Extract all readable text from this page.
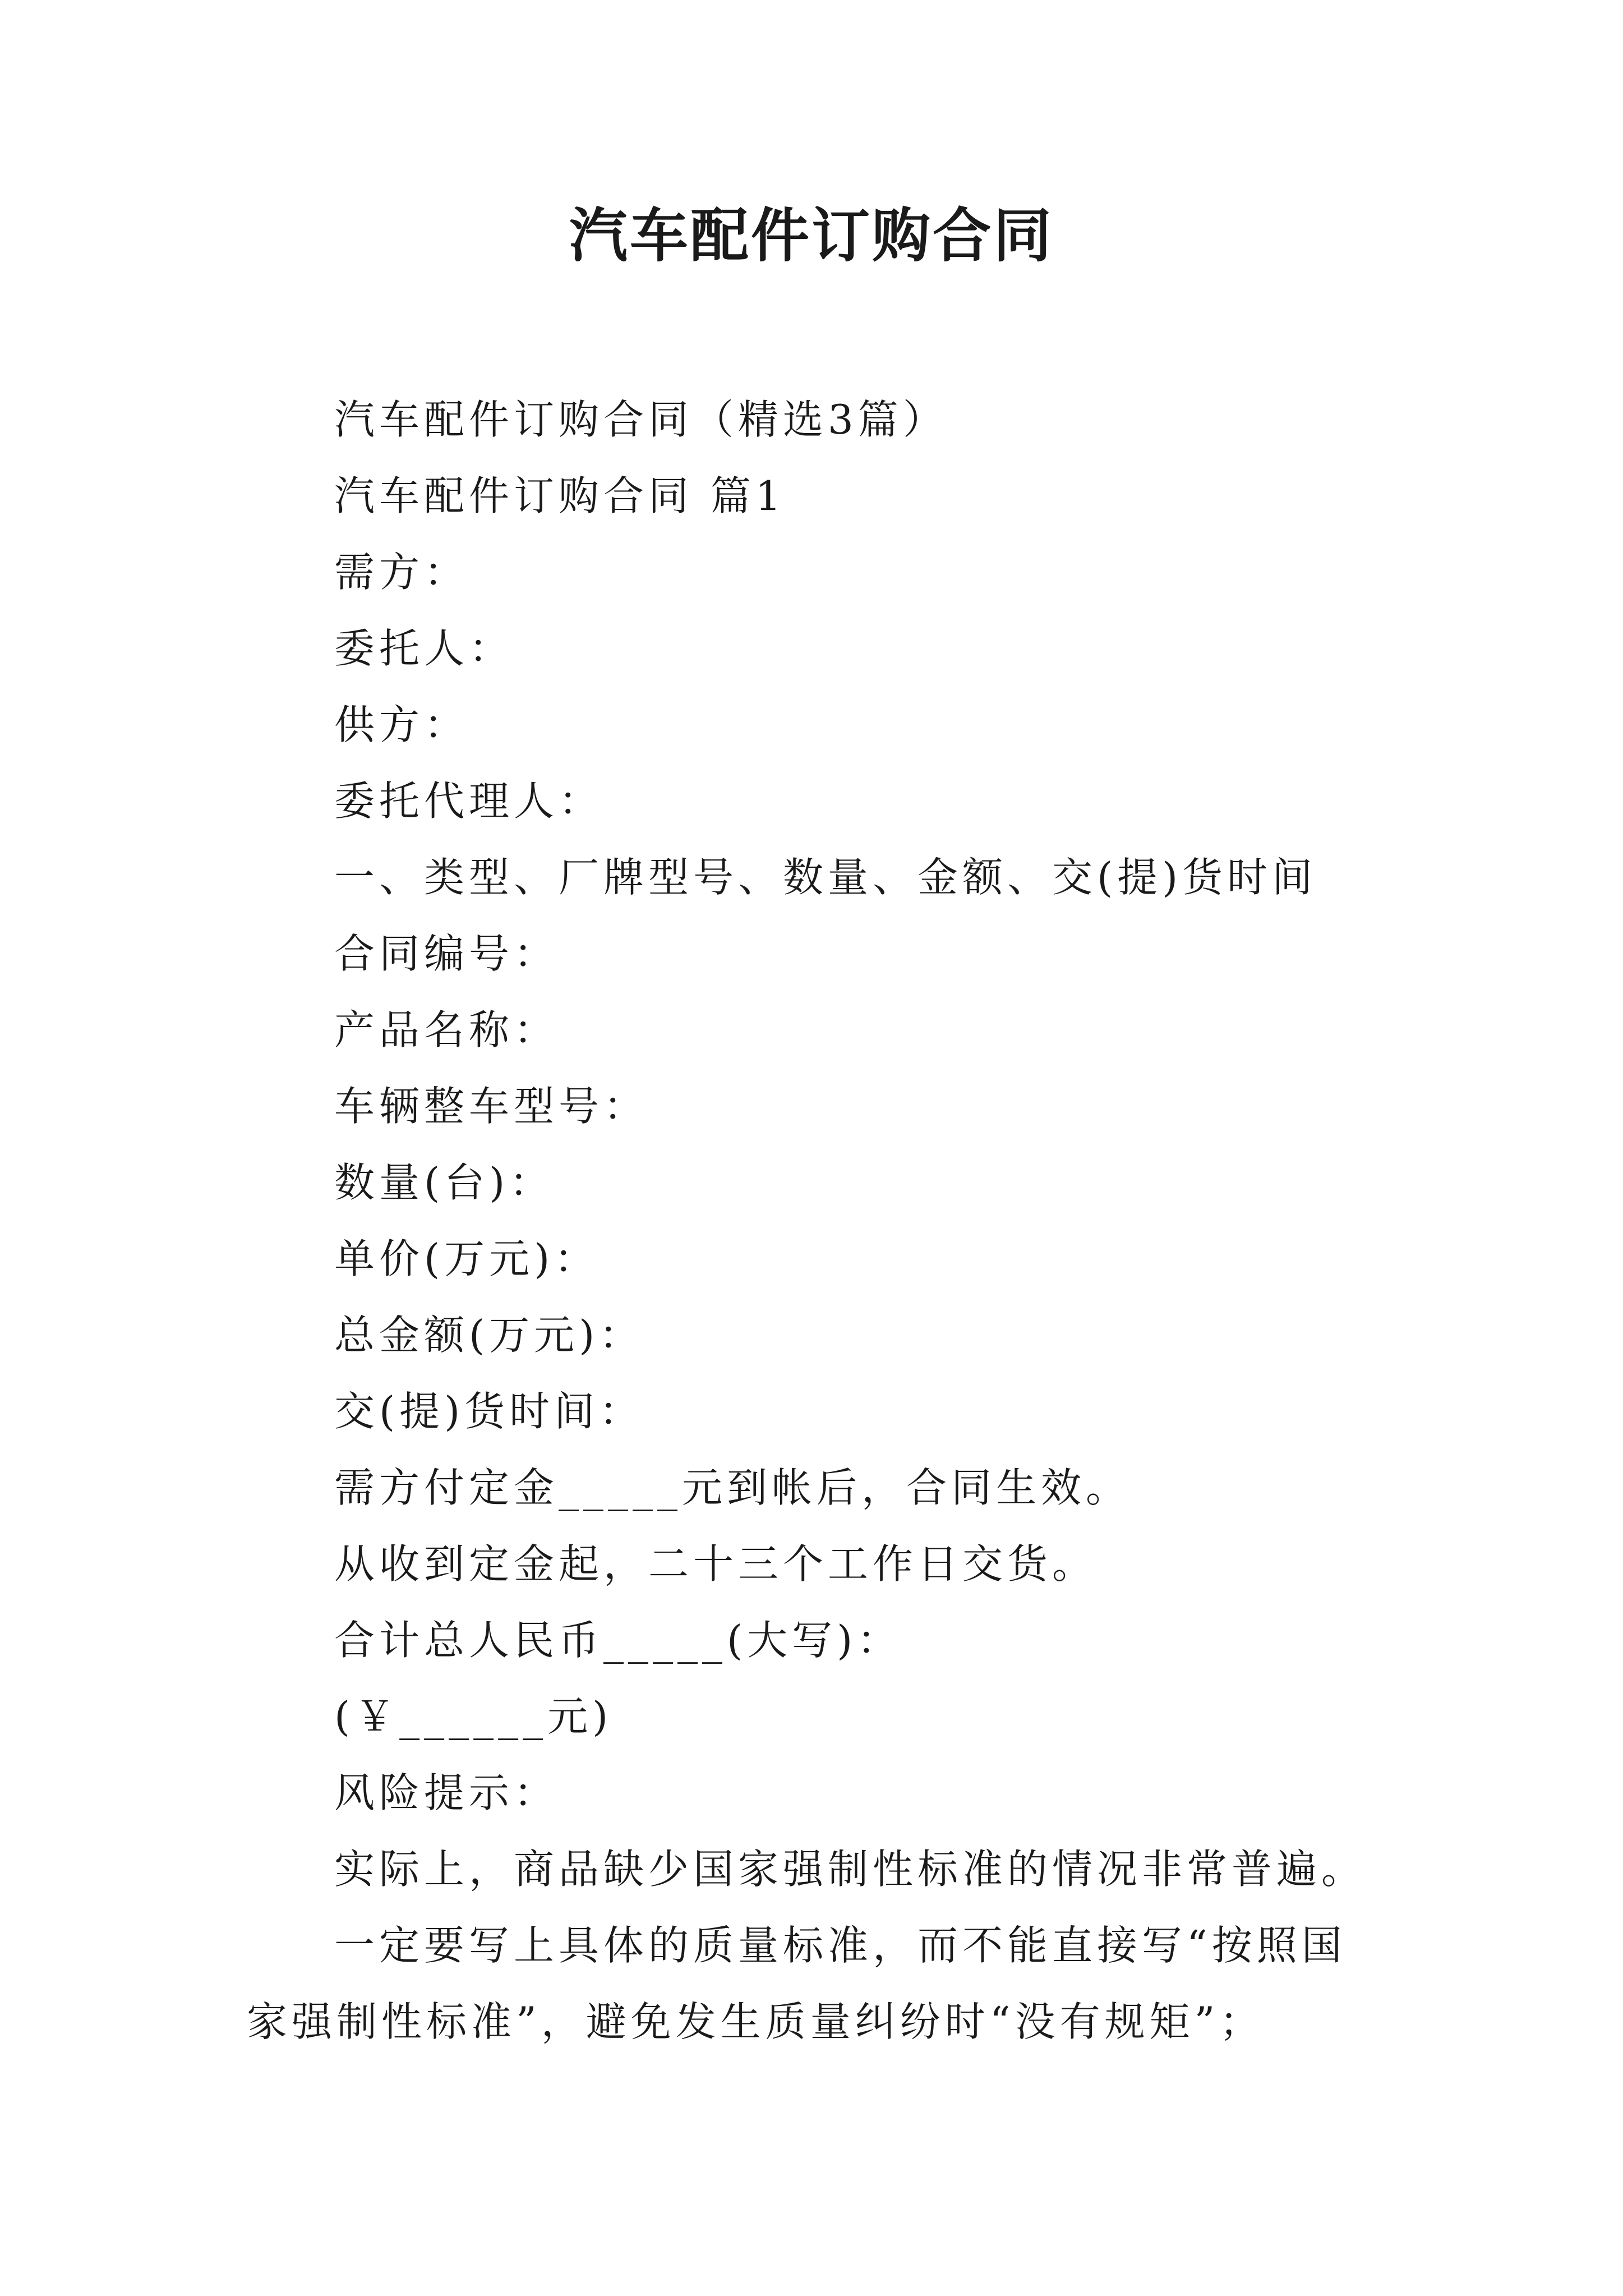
汽车配件订购合同
汽车配件订购合同（精选3篇）
汽车配件订购合同 篇1
需方：
委托人：
供方：
委托代理人：
一、类型、厂牌型号、数量、金额、交(提)货时间
合同编号：
产品名称：
车辆整车型号：
数量(台)：
单价(万元)：
总金额(万元)：
交(提)货时间：
需方付定金_____元到帐后，合同生效。
从收到定金起，二十三个工作日交货。
合计总人民币_____(大写)：
(￥______元)
风险提示：
实际上，商品缺少国家强制性标准的情况非常普遍。
一定要写上具体的质量标准，而不能直接写“按照国家强制性标准”，避免发生质量纠纷时“没有规矩”；
